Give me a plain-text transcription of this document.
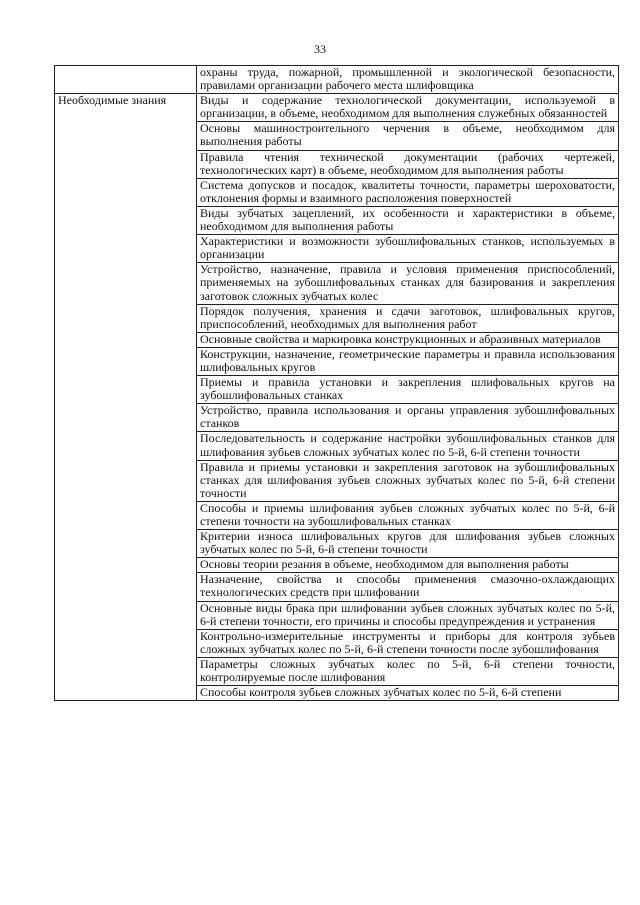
33
	охраны труда, пожарной, промышленной и экологической безопасности, правилами организации рабочего места шлифовщика
Необходимые знания	Виды и содержание технологической документации, используемой в организации, в объеме, необходимом для выполнения служебных обязанностей
	Основы машиностроительного черчения в объеме, необходимом для выполнения работы
	Правила чтения технической документации (рабочих чертежей, технологических карт) в объеме, необходимом для выполнения работы
	Система допусков и посадок, квалитеты точности, параметры шероховатости, отклонения формы и взаимного расположения поверхностей
	Виды зубчатых зацеплений, их особенности и характеристики в объеме, необходимом для выполнения работы
	Характеристики и возможности зубошлифовальных станков, используемых в организации
	Устройство, назначение, правила и условия применения приспособлений, применяемых на зубошлифовальных станках для базирования и закрепления заготовок сложных зубчатых колес
	Порядок получения, хранения и сдачи заготовок, шлифовальных кругов, приспособлений, необходимых для выполнения работ
	Основные свойства и маркировка конструкционных и абразивных материалов
	Конструкции, назначение, геометрические параметры и правила использования шлифовальных кругов
	Приемы и правила установки и закрепления шлифовальных кругов на зубошлифовальных станках
	Устройство, правила использования и органы управления зубошлифовальных станков
	Последовательность и содержание настройки зубошлифовальных станков для шлифования зубьев сложных зубчатых колес по 5-й, 6-й степени точности
	Правила и приемы установки и закрепления заготовок на зубошлифовальных станках для шлифования зубьев сложных зубчатых колес по 5-й, 6-й степени точности
	Способы и приемы шлифования зубьев сложных зубчатых колес по 5-й, 6-й степени точности на зубошлифовальных станках
	Критерии износа шлифовальных кругов для шлифования зубьев сложных зубчатых колес по 5-й, 6-й степени точности
	Основы теории резания в объеме, необходимом для выполнения работы
	Назначение, свойства и способы применения смазочно-охлаждающих технологических средств при шлифовании
	Основные виды брака при шлифовании зубьев сложных зубчатых колес по 5-й, 6-й степени точности, его причины и способы предупреждения и устранения
	Контрольно-измерительные инструменты и приборы для контроля зубьев сложных зубчатых колес по 5-й, 6-й степени точности после зубошлифования
	Параметры сложных зубчатых колес по 5-й, 6-й степени точности, контролируемые после шлифования
	Способы контроля зубьев сложных зубчатых колес по 5-й, 6-й степени
